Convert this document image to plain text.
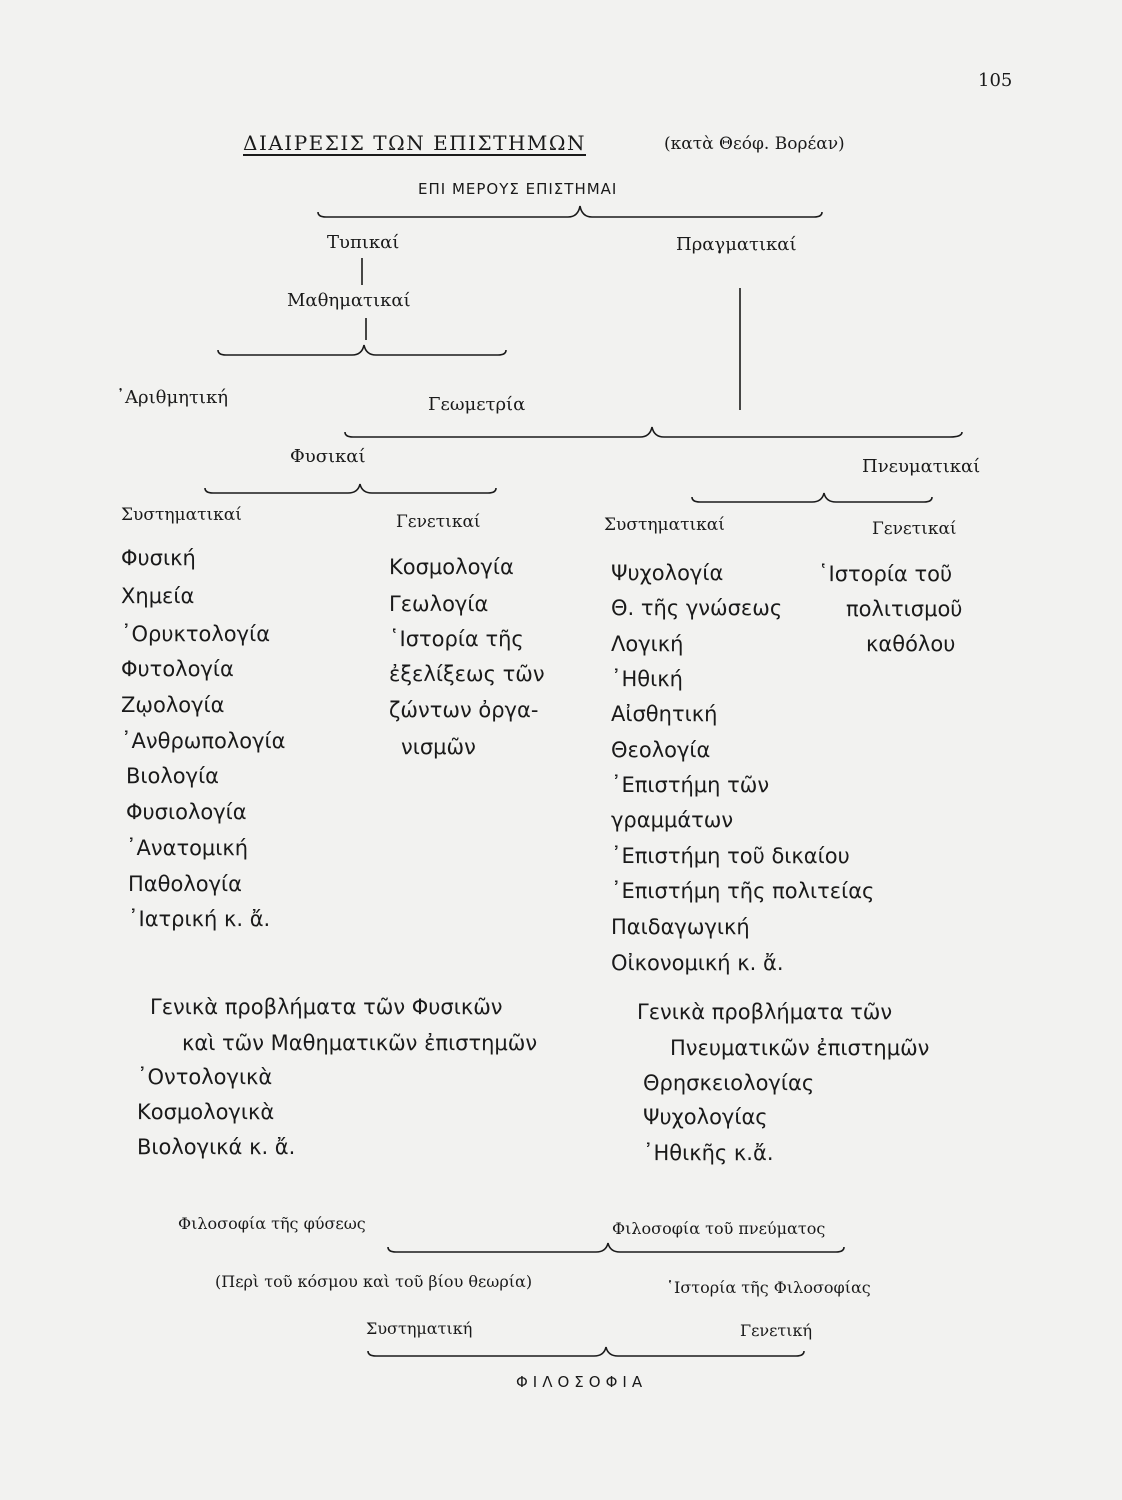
105
ΔΙΑΙΡΕΣΙΣ ΤΩΝ ΕΠΙΣΤΗΜΩΝ	(κατὰ Θεόφ. Βορέαν)
ΕΠΙ ΜΕΡΟΥΣ ΕΠΙΣΤΗΜΑΙ
Τυπικαί	Πραγματικαί
Μαθηματικαί
᾿Αριθμητική	Γεωμετρία
Φυσικαί	Πνευματικαί
Συστηματικαί	Γενετικαί	Συστηματικαί	Γενετικαί
Φυσική
Χημεία
᾿Ορυκτολογία
Φυτολογία
Ζῳολογία
᾿Ανθρωπολογία
Βιολογία
Φυσιολογία
᾿Ανατομική
Παθολογία
᾿Ιατρική κ. ἄ.
Κοσμολογία
Γεωλογία
῾Ιστορία τῆς
ἐξελίξεως τῶν
ζώντων ὀργα-
νισμῶν
Ψυχολογία
Θ. τῆς γνώσεως
Λογική
᾿Ηθική
Αἰσθητική
Θεολογία
᾿Επιστήμη τῶν
γραμμάτων
᾿Επιστήμη τοῦ δικαίου
᾿Επιστήμη τῆς πολιτείας
Παιδαγωγική
Οἰκονομική κ. ἄ.
῾Ιστορία τοῦ
πολιτισμοῦ
καθόλου
Γενικὰ προβλήματα τῶν Φυσικῶν
καὶ τῶν Μαθηματικῶν ἐπιστημῶν
᾿Οντολογικὰ
Κοσμολογικὰ
Βιολογικά κ. ἄ.
Γενικὰ προβλήματα τῶν
Πνευματικῶν ἐπιστημῶν
Θρησκειολογίας
Ψυχολογίας
᾿Ηθικῆς κ.ἄ.
Φιλοσοφία τῆς φύσεως	Φιλοσοφία τοῦ πνεύματος
(Περὶ τοῦ κόσμου καὶ τοῦ βίου θεωρία)	῾Ιστορία τῆς Φιλοσοφίας
Συστηματική	Γενετική
ΦΙΛΟΣΟΦΙΑ
